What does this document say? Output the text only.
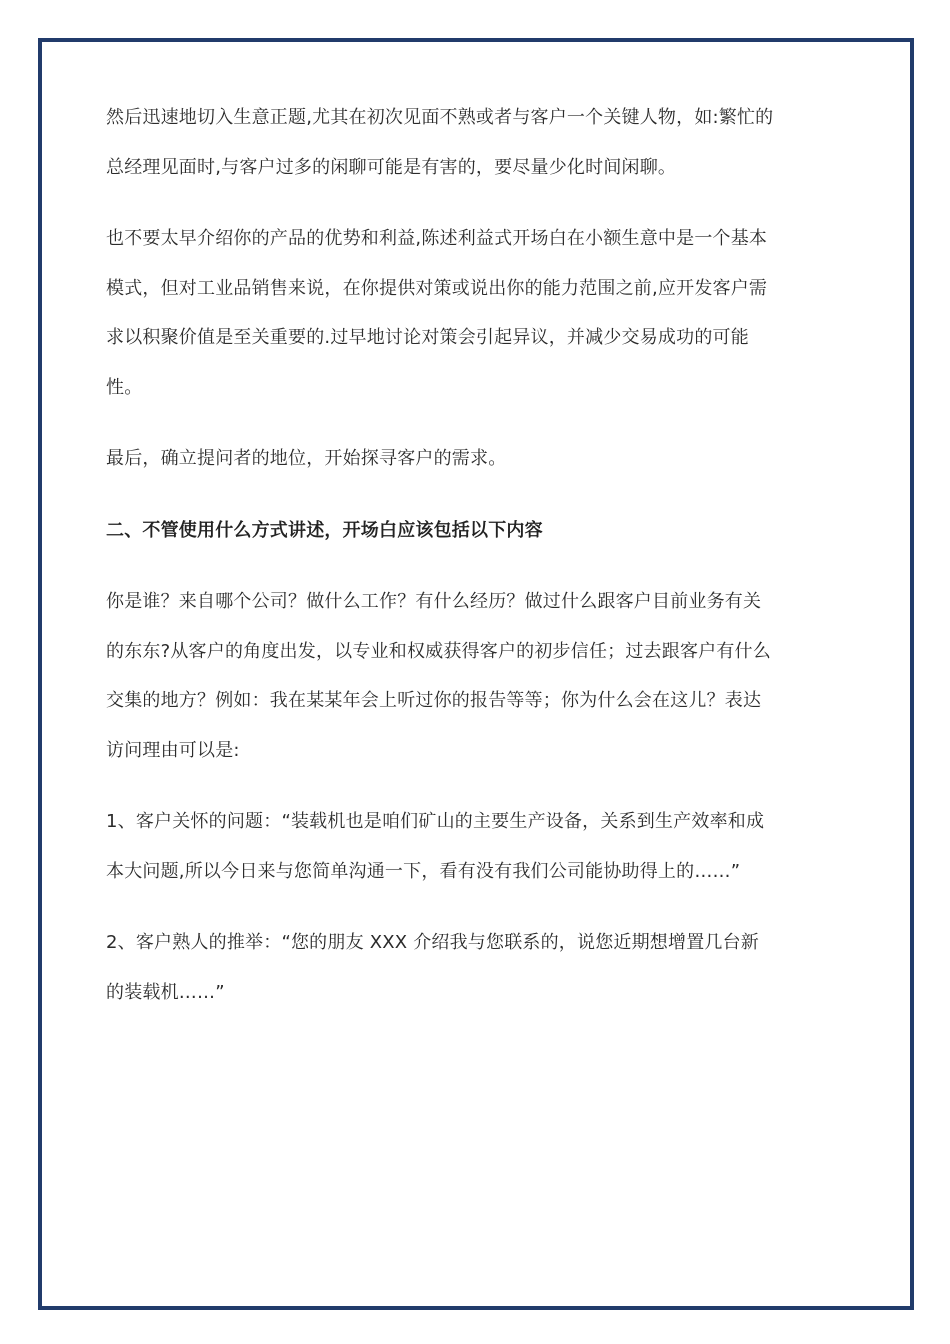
然后迅速地切入生意正题,尤其在初次见面不熟或者与客户一个关键人物，如:繁忙的总经理见面时,与客户过多的闲聊可能是有害的，要尽量少化时间闲聊。

也不要太早介绍你的产品的优势和利益,陈述利益式开场白在小额生意中是一个基本模式，但对工业品销售来说，在你提供对策或说出你的能力范围之前,应开发客户需求以积聚价值是至关重要的.过早地讨论对策会引起异议，并减少交易成功的可能性。

最后，确立提问者的地位，开始探寻客户的需求。

二、不管使用什么方式讲述，开场白应该包括以下内容

你是谁？来自哪个公司？做什么工作？有什么经历？做过什么跟客户目前业务有关的东东?从客户的角度出发，以专业和权威获得客户的初步信任；过去跟客户有什么交集的地方？例如：我在某某年会上听过你的报告等等；你为什么会在这儿？表达访问理由可以是:

1、客户关怀的问题：“装载机也是咱们矿山的主要生产设备，关系到生产效率和成本大问题,所以今日来与您简单沟通一下，看有没有我们公司能协助得上的……”

2、客户熟人的推举：“您的朋友 XXX 介绍我与您联系的，说您近期想增置几台新的装载机……”
